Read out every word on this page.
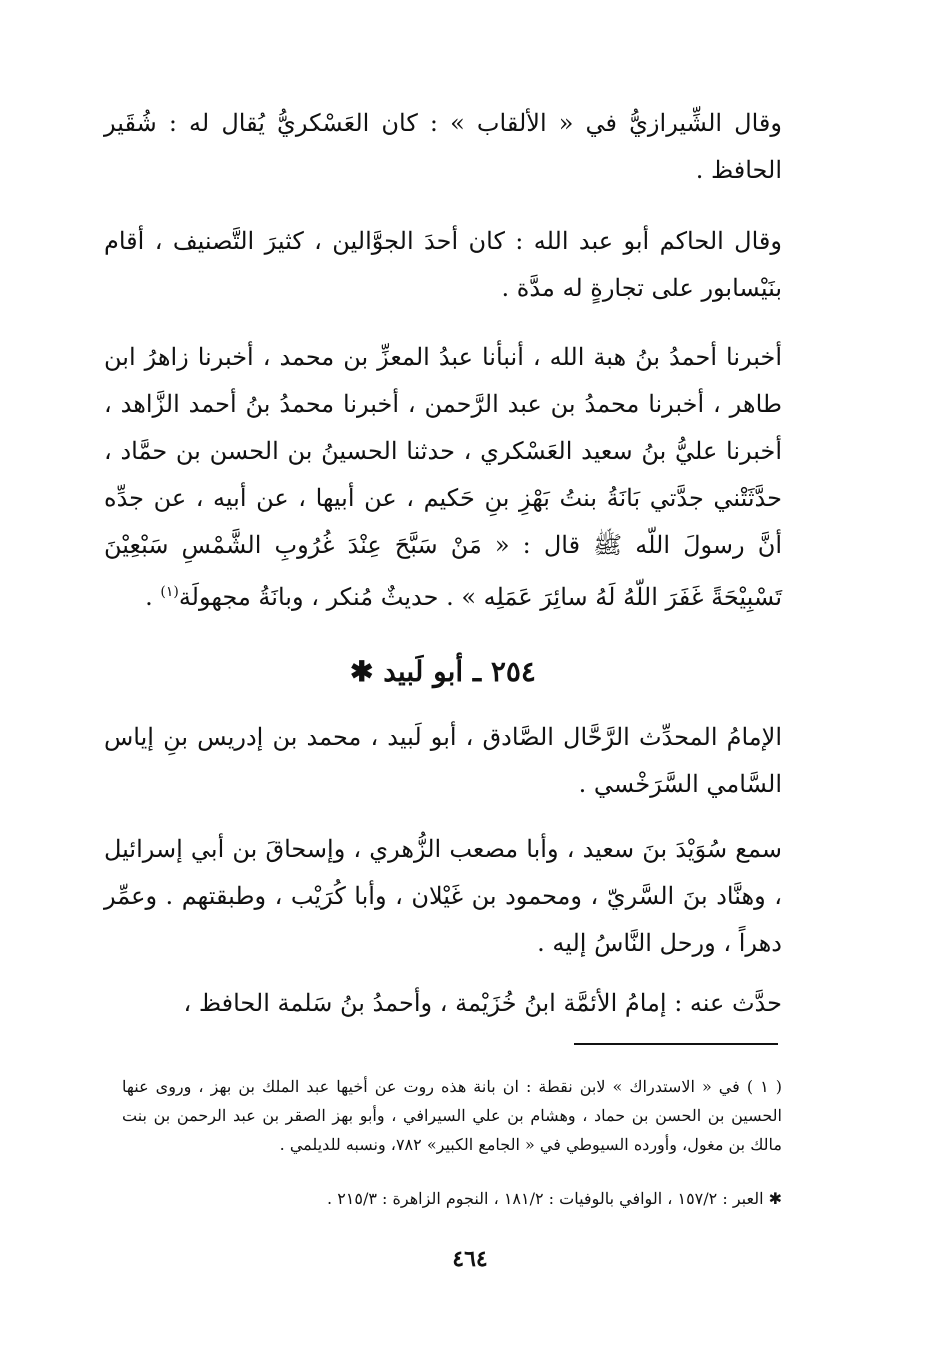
وقال الشِّيرازيُّ في « الألقاب » : كان العَسْكريُّ يُقال له : شُقَير الحافظ .
وقال الحاكم أبو عبد الله : كان أحدَ الجوَّالين ، كثيرَ التَّصنيف ، أقام بنَيْسابور على تجارةٍ له مدَّة .
أخبرنا أحمدُ بنُ هبة الله ، أنبأنا عبدُ المعزِّ بن محمد ، أخبرنا زاهرُ ابن طاهر ، أخبرنا محمدُ بن عبد الرَّحمن ، أخبرنا محمدُ بنُ أحمد الزَّاهد ، أخبرنا عليُّ بنُ سعيد العَسْكري ، حدثنا الحسينُ بن الحسن بن حمَّاد ، حدَّثَتْني جدَّتي بَانَةُ بنتُ بَهْزِ بنِ حَكيم ، عن أبيها ، عن أبيه ، عن جدِّه أنَّ رسولَ اللّه ﷺ قال : « مَنْ سَبَّحَ عِنْدَ غُرُوبِ الشَّمْسِ سَبْعِيْنَ تَسْبِيْحَةً غَفَرَ اللّهُ لَهُ سائِرَ عَمَلِه » . حديثٌ مُنكر ، وبانَةُ مجهولَة$^{(١)}$ .
٢٥٤ ـ أبو لَبيد ✱
الإمامُ المحدِّث الرَّحَّال الصَّادق ، أبو لَبيد ، محمد بن إدريس بنِ إياس السَّامي السَّرَخْسي .
سمع سُوَيْدَ بنَ سعيد ، وأبا مصعب الزُّهري ، وإسحاقَ بن أبي إسرائيل ، وهنَّاد بنَ السَّريّ ، ومحمود بن غَيْلان ، وأبا كُرَيْب ، وطبقتهم . وعمِّر دهراً ، ورحل النَّاسُ إليه .
حدَّث عنه : إمامُ الأئمَّة ابنُ خُزَيْمة ، وأحمدُ بنُ سَلمة الحافظ ،
( ١ ) في « الاستدراك » لابن نقطة : ان بانة هذه روت عن أخيها عبد الملك بن بهز ، وروى عنها الحسين بن الحسن بن حماد ، وهشام بن علي السيرافي ، وأبو بهز الصقر بن عبد الرحمن بن بنت مالك بن مغول، وأورده السيوطي في « الجامع الكبير» ٧٨٢، ونسبه للديلمي .
✱ العبر : ١٥٧/٢ ، الوافي بالوفيات : ١٨١/٢ ، النجوم الزاهرة : ٢١٥/٣ .
٤٦٤
